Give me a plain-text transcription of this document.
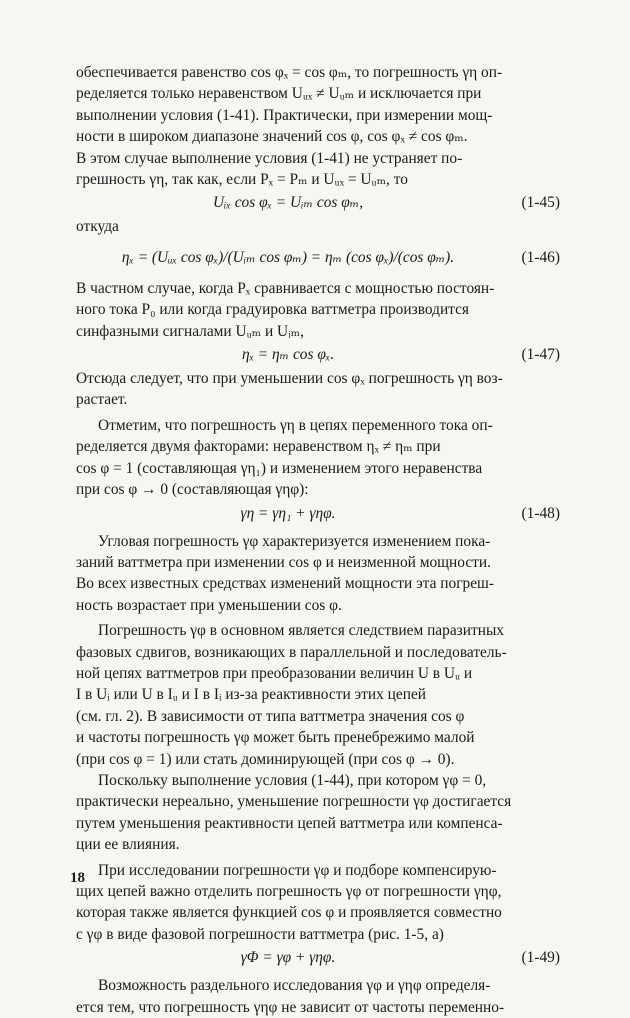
обеспечивается равенство cos φₓ = cos φₘ, то погрешность γη оп-

ределяется только неравенством Uᵤₓ ≠ Uᵤₘ и исключается при

выполнении условия (1-41). Практически, при измерении мощ-

ности в широком диапазоне значений cos φ, cos φₓ ≠ cos φₘ.

В этом случае выполнение условия (1-41) не устраняет по-

грешность γη, так как, если Pₓ = Pₘ и Uᵤₓ = Uᵤₘ, то

Uᵢₓ cos φₓ = Uᵢₘ cos φₘ,	(1-45)

откуда

ηₓ = (Uᵤₓ cos φₓ)/(Uᵢₘ cos φₘ) = ηₘ (cos φₓ)/(cos φₘ).	(1-46)

В частном случае, когда Pₓ сравнивается с мощностью постоян-

ного тока P₀ или когда градуировка ваттметра производится

синфазными сигналами Uᵤₘ и Uᵢₘ,

ηₓ = ηₘ cos φₓ.	(1-47)

Отсюда следует, что при уменьшении cos φₓ погрешность γη воз-

растает.

Отметим, что погрешность γη в цепях переменного тока оп-

ределяется двумя факторами: неравенством ηₓ ≠ ηₘ при

cos φ = 1 (составляющая γη₁) и изменением этого неравенства

при cos φ → 0 (составляющая γηφ):

γη = γη₁ + γηφ.	(1-48)

Угловая погрешность γφ характеризуется изменением пока-

заний ваттметра при изменении cos φ и неизменной мощности.

Во всех известных средствах изменений мощности эта погреш-

ность возрастает при уменьшении cos φ.

Погрешность γφ в основном является следствием паразитных

фазовых сдвигов, возникающих в параллельной и последователь-

ной цепях ваттметров при преобразовании величин U в Uᵤ и

I в Uᵢ или U в Iᵤ и I в Iᵢ из-за реактивности этих цепей

(см. гл. 2). В зависимости от типа ваттметра значения cos φ

и частоты погрешность γφ может быть пренебрежимо малой

(при cos φ = 1) или стать доминирующей (при cos φ → 0).

Поскольку выполнение условия (1-44), при котором γφ = 0,

практически нереально, уменьшение погрешности γφ достигается

путем уменьшения реактивности цепей ваттметра или компенса-

ции ее влияния.

При исследовании погрешности γφ и подборе компенсирую-

щих цепей важно отделить погрешность γφ от погрешности γηφ,

которая также является функцией cos φ и проявляется совместно

с γφ в виде фазовой погрешности ваттметра (рис. 1-5, a)

γΦ = γφ + γηφ.	(1-49)

Возможность раздельного исследования γφ и γηφ определя-

ется тем, что погрешность γηφ не зависит от частоты переменно-

18
